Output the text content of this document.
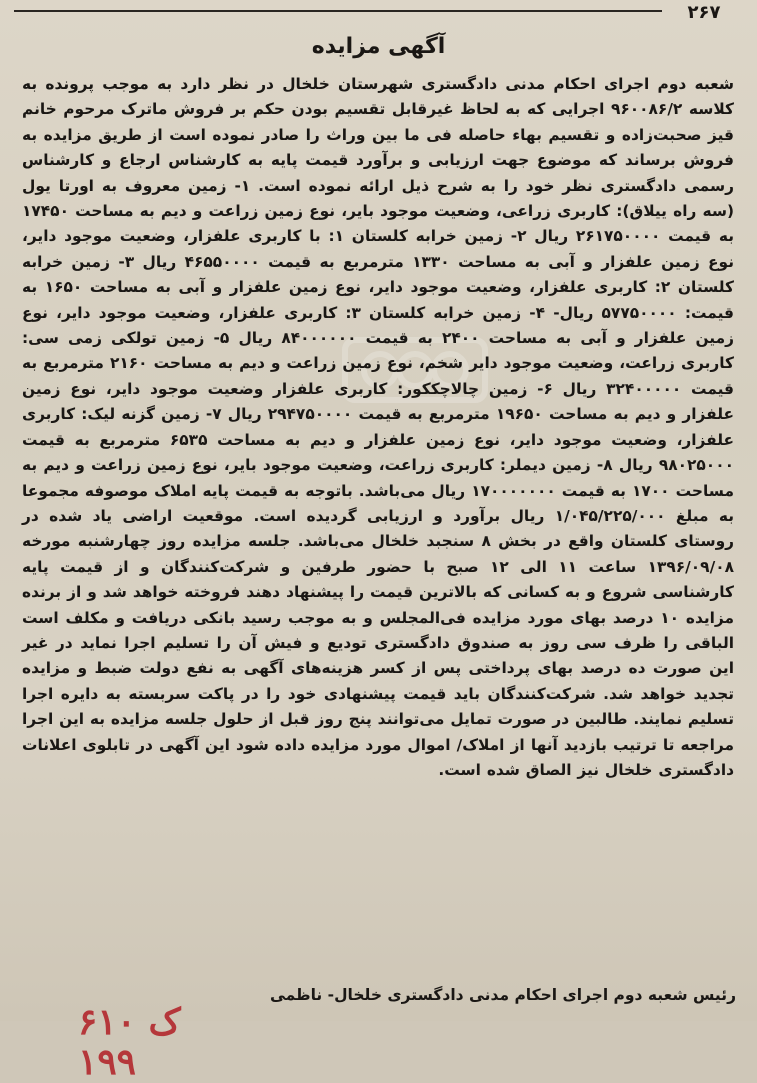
۲۶۷
آگهی مزایده
شعبه دوم اجرای احکام مدنی دادگستری شهرستان خلخال در نظر دارد به موجب پرونده به کلاسه ۹۶۰۰۸۶/۲ اجرایی که به لحاظ غیرقابل تقسیم بودن حکم بر فروش ماترک مرحوم خانم قیز صحبت‌زاده و تقسیم بهاء حاصله فی ما بین وراث را صادر نموده است از طریق مزایده به فروش برساند که موضوع جهت ارزیابی و برآورد قیمت پایه به کارشناس ارجاع و کارشناس رسمی دادگستری نظر خود را به شرح ذیل ارائه نموده است. ۱- زمین معروف به اورتا یول (سه راه ییلاق): کاربری زراعی، وضعیت موجود بایر، نوع زمین زراعت و دیم به مساحت ۱۷۴۵۰ به قیمت ۲۶۱۷۵۰۰۰۰ ریال ۲- زمین خرابه کلستان ۱: با کاربری علفزار، وضعیت موجود دایر، نوع زمین علفزار و آبی به مساحت ۱۳۳۰ مترمربع به قیمت ۴۶۵۵۰۰۰۰ ریال ۳- زمین خرابه کلستان ۲: کاربری علفزار، وضعیت موجود دایر، نوع زمین علفزار و آبی به مساحت ۱۶۵۰ به قیمت: ۵۷۷۵۰۰۰۰ ریال- ۴- زمین خرابه کلستان ۳: کاربری علفزار، وضعیت موجود دایر، نوع زمین علفزار و آبی به مساحت ۲۴۰۰ به قیمت ۸۴۰۰۰۰۰۰ ریال ۵- زمین تولکی زمی سی: کاربری زراعت، وضعیت موجود دایر شخم، نوع زمین زراعت و دیم به مساحت ۲۱۶۰ مترمربع به قیمت ۳۲۴۰۰۰۰۰ ریال ۶- زمین چالاچککور: کاربری علفزار وضعیت موجود دایر، نوع زمین علفزار و دیم به مساحت ۱۹۶۵۰ مترمربع به قیمت ۲۹۴۷۵۰۰۰۰ ریال ۷- زمین گزنه لیک: کاربری علفزار، وضعیت موجود دایر، نوع زمین علفزار و دیم به مساحت ۶۵۳۵ مترمربع به قیمت ۹۸۰۲۵۰۰۰ ریال ۸- زمین دیملر: کاربری زراعت، وضعیت موجود بایر، نوع زمین زراعت و دیم به مساحت ۱۷۰۰ به قیمت ۱۷۰۰۰۰۰۰۰ ریال می‌باشد. باتوجه به قیمت پایه املاک موصوفه مجموعا به مبلغ ۱/۰۴۵/۲۲۵/۰۰۰ ریال برآورد و ارزیابی گردیده است. موقعیت اراضی یاد شده در روستای کلستان واقع در بخش ۸ سنجبد خلخال می‌باشد. جلسه مزایده روز چهارشنبه مورخه ۱۳۹۶/۰۹/۰۸ ساعت ۱۱ الی ۱۲ صبح با حضور طرفین و شرکت‌کنندگان و از قیمت پایه کارشناسی شروع و به کسانی که بالاترین قیمت را پیشنهاد دهند فروخته خواهد شد و از برنده مزایده ۱۰ درصد بهای مورد مزایده فی‌المجلس و به موجب رسید بانکی دریافت و مکلف است الباقی را ظرف سی روز به صندوق دادگستری تودیع و فیش آن را تسلیم اجرا نماید در غیر این صورت ده درصد بهای پرداختی پس از کسر هزینه‌های آگهی به نفع دولت ضبط و مزایده تجدید خواهد شد. شرکت‌کنندگان باید قیمت پیشنهادی خود را در پاکت سربسته به دایره اجرا تسلیم نمایند. طالبین در صورت تمایل می‌توانند پنج روز قبل از حلول جلسه مزایده به این اجرا مراجعه تا ترتیب بازدید آنها از املاک/ اموال مورد مزایده داده شود این آگهی در تابلوی اعلانات دادگستری خلخال نیز الصاق شده است.
رئیس شعبه دوم اجرای احکام مدنی دادگستری خلخال- ناظمی
۶۱۰ ک ۱۹۹
